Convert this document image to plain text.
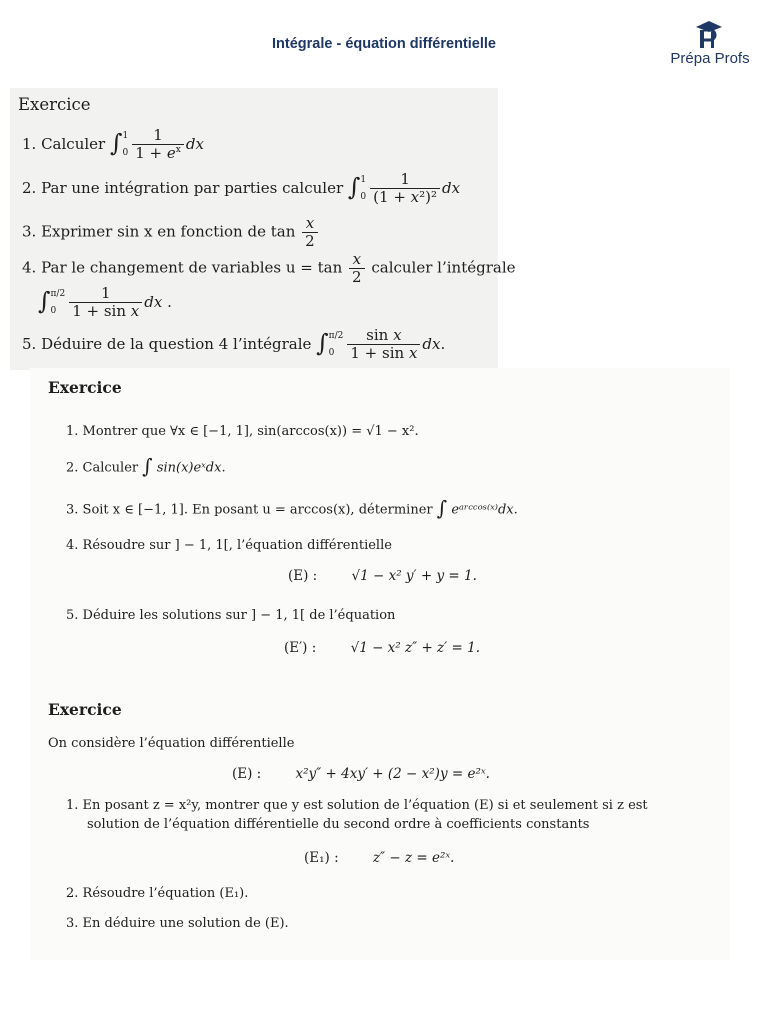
Intégrale - équation différentielle
Prépa Profs
Exercice
1. Calculer ∫ 1
$0 \frac{1}{1 + e^x}$ dx
2. Par une intégration par parties calculer ∫ 1
$0 \frac{1}{\text{(1 + x²)²}}$ dx
3. Exprimer sin x en fonction de $\tan \frac{x}{2}$
4. Par le changement de variables $u = \tan \frac{x}{2}$ calculer l’intégrale
∫ π/2
$0 \frac{1}{\text{1 + sin x}}$ dx .
5. Déduire de la question 4 l’intégrale ∫ π/2
$0 \frac{\text{sin x}}{\text{1 + sin x}}$ dx.
Exercice
1. Montrer que ∀x ∈ [−1, 1], sin(arccos(x)) = √1 − x².
2. Calculer ∫ sin(x)eˣdx.
3. Soit x ∈ [−1, 1]. En posant u = arccos(x), déterminer ∫ eᵃʳᶜᶜᵒˢ⁽ˣ⁾dx.
4. Résoudre sur ] − 1, 1[, l’équation différentielle
(E) :	√1 − x² y′ + y = 1.
5. Déduire les solutions sur ] − 1, 1[ de l’équation
(E′) :	√1 − x² z″ + z′ = 1.
Exercice
On considère l’équation différentielle
(E) :	x²y″ + 4xy′ + (2 − x²)y = e²ˣ.
1. En posant z = x²y, montrer que y est solution de l’équation (E) si et seulement si z est
solution de l’équation différentielle du second ordre à coefficients constants
(E₁) :	z″ − z = e²ˣ.
2. Résoudre l’équation (E₁).
3. En déduire une solution de (E).
